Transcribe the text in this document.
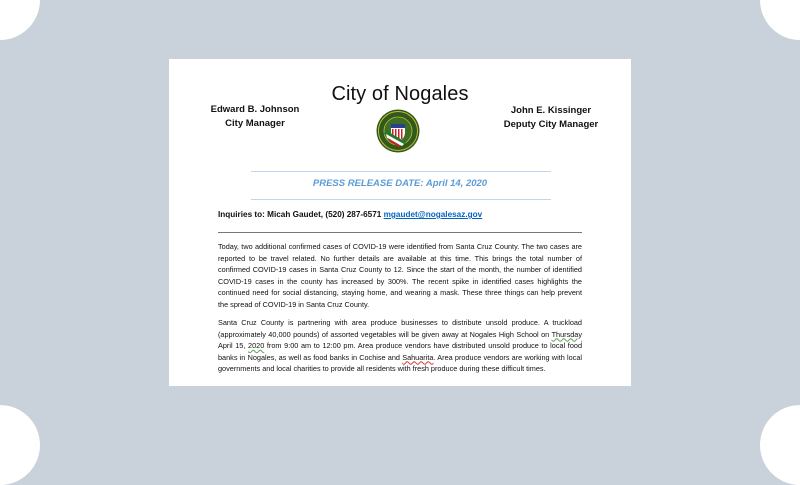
City of Nogales
Edward B. Johnson
City Manager
John E. Kissinger
Deputy City Manager
PRESS RELEASE DATE: April 14, 2020
Inquiries to: Micah Gaudet, (520) 287-6571 mgaudet@nogalesaz.gov
Today, two additional confirmed cases of COVID-19 were identified from Santa Cruz County. The two cases are reported to be travel related. No further details are available at this time. This brings the total number of confirmed COVID-19 cases in Santa Cruz County to 12. Since the start of the month, the number of identified COVID-19 cases in the county has increased by 300%. The recent spike in identified cases highlights the continued need for social distancing, staying home, and wearing a mask. These three things can help prevent the spread of COVID-19 in Santa Cruz County.
Santa Cruz County is partnering with area produce businesses to distribute unsold produce. A truckload (approximately 40,000 pounds) of assorted vegetables will be given away at Nogales High School on Thursday April 15, 2020 from 9:00 am to 12:00 pm. Area produce vendors have distributed unsold produce to local food banks in Nogales, as well as food banks in Cochise and Sahuarita. Area produce vendors are working with local governments and local charities to provide all residents with fresh produce during these difficult times.
